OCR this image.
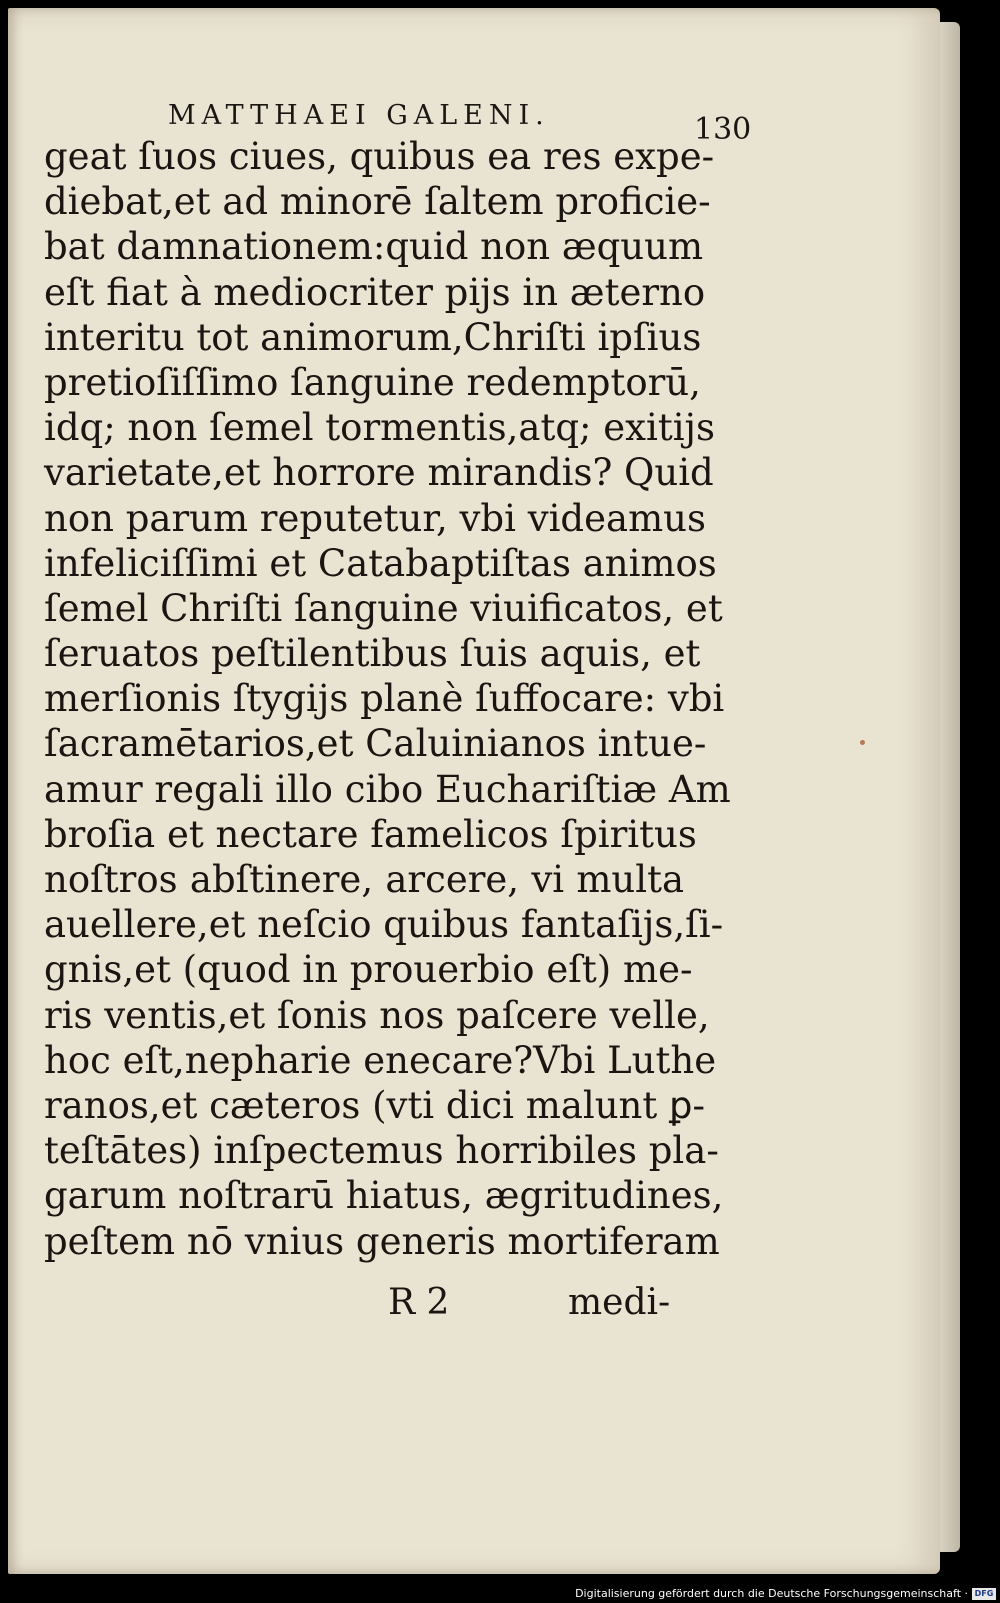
MATTHAEI GALENI.	130
geat ſuos ciues, quibus ea res expe-
diebat,et ad minorē ſaltem proficie-
bat damnationem:quid non æquum
eſt fiat à mediocriter pijs in æterno
interitu tot animorum,Chriſti ipſius
pretioſiſſimo ſanguine redemptorū,
idq; non ſemel tormentis,atq; exitijs
varietate,et horrore mirandis? Quid
non parum reputetur, vbi videamus
infeliciſſimi et Catabaptiſtas animos
ſemel Chriſti ſanguine viuificatos, et
ſeruatos peſtilentibus ſuis aquis, et
merſionis ſtygijs planè ſuffocare: vbi
ſacramētarios,et Caluinianos intue-
amur regali illo cibo Euchariſtiæ Am
broſia et nectare famelicos ſpiritus
noſtros abſtinere, arcere, vi multa
auellere,et neſcio quibus fantaſijs,ſi-
gnis,et (quod in prouerbio eſt) me-
ris ventis,et ſonis nos paſcere velle,
hoc eſt,nepharie enecare?Vbi Luthe
ranos,et cæteros (vti dici malunt ꝑ-
teſtātes) inſpectemus horribiles pla-
garum noſtrarū hiatus, ægritudines,
peſtem nō vnius generis mortiferam
R 2	medi-
Digitalisierung gefördert durch die Deutsche Forschungsgemeinschaft · DFG
